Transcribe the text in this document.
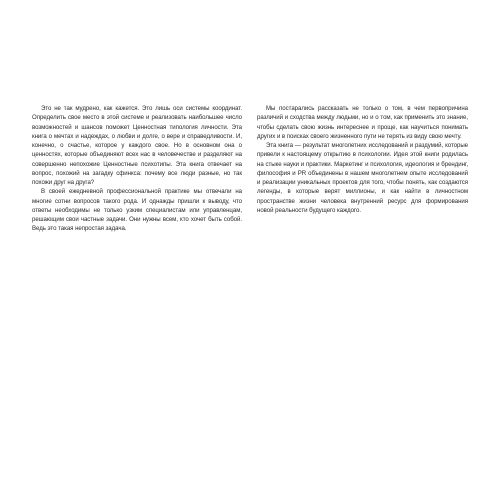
Это не так мудрено, как кажется. Это лишь оси системы координат. Определить свое место в этой системе и реализовать наибольшее число возможностей и шансов поможет Ценностная типология личности. Эта книга о мечтах и надеждах, о любви и долге, о вере и справедливости. И, конечно, о счастье, которое у каждого свое. Но в основном она о ценностях, которые объединяют всех нас в человечестве и разделяют на совершенно непохожие Ценностные психотипы. Эта книга отвечает на вопрос, похожий на загадку сфинкса: почему все люди разные, но так похожи друг на друга?

В своей ежедневной профессиональной практике мы отвечали на многие сотни вопросов такого рода. И однажды пришли к выводу, что ответы необходимы не только узким специалистам или управленцам, решающим свои частные задачи. Они нужны всем, кто хочет быть собой. Ведь это такая непростая задача.

Мы постарались рассказать не только о том, в чем первопричина различий и сходства между людьми, но и о том, как применить это знание, чтобы сделать свою жизнь интереснее и проще, как научиться понимать других и в поисках своего жизненного пути не терять из виду свою мечту.

Эта книга — результат многолетних исследований и раздумий, которые привели к настоящему открытию в психологии. Идея этой книги родилась на стыке науки и практики. Маркетинг и психология, идеология и брендинг, философия и PR объединены в нашем многолетнем опыте исследований и реализации уникальных проектов для того, чтобы понять, как создаются легенды, в которые верят миллионы, и как найти в личностном пространстве жизни человека внутренний ресурс для формирования новой реальности будущего каждого.
